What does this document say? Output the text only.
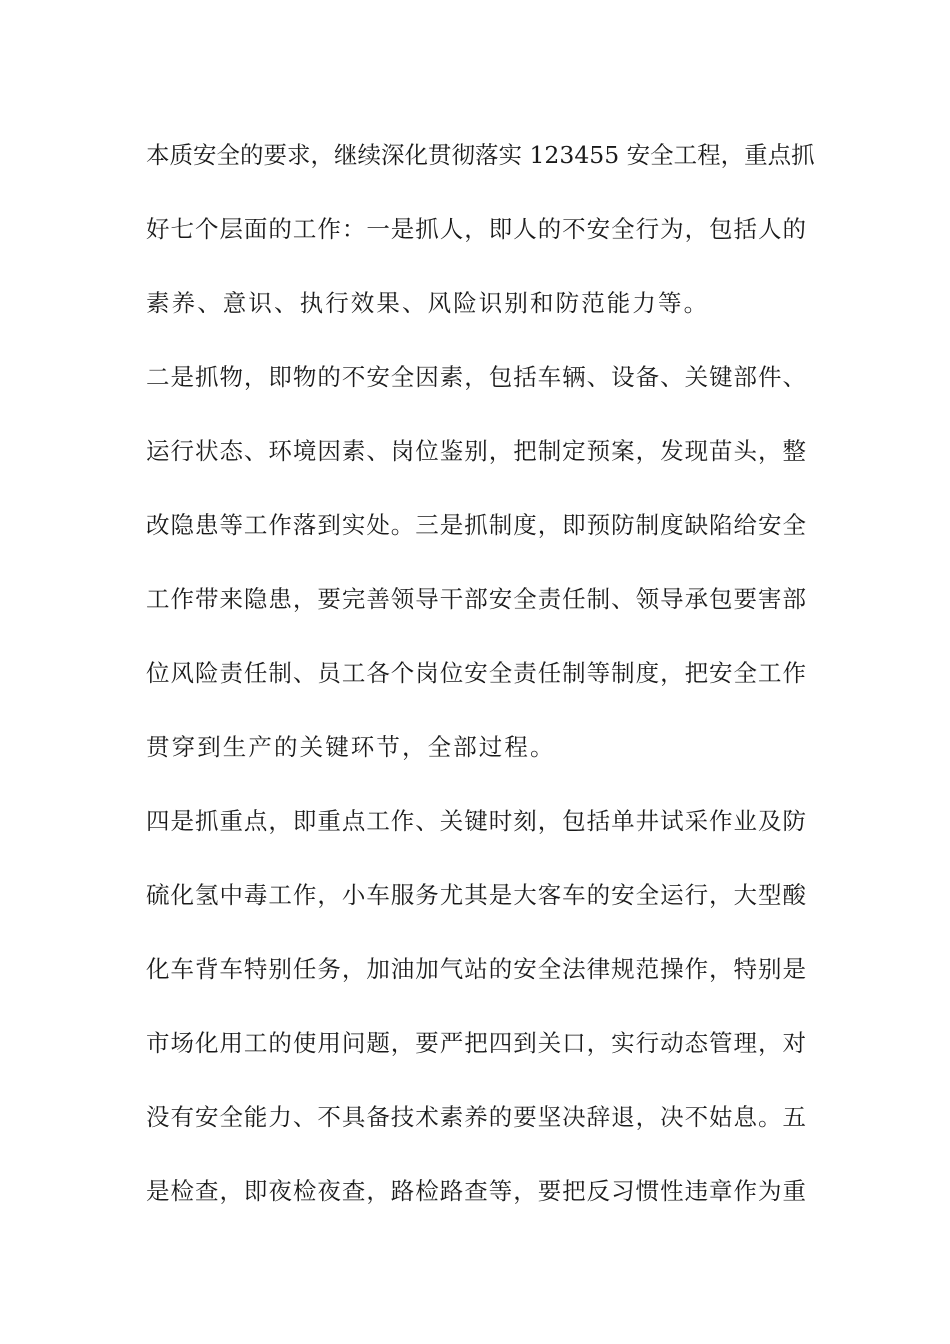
本质安全的要求，继续深化贯彻落实 123455 安全工程，重点抓
好七个层面的工作：一是抓人，即人的不安全行为，包括人的
素养、意识、执行效果、风险识别和防范能力等。
二是抓物，即物的不安全因素，包括车辆、设备、关键部件、
运行状态、环境因素、岗位鉴别，把制定预案，发现苗头，整
改隐患等工作落到实处。三是抓制度，即预防制度缺陷给安全
工作带来隐患，要完善领导干部安全责任制、领导承包要害部
位风险责任制、员工各个岗位安全责任制等制度，把安全工作
贯穿到生产的关键环节，全部过程。
四是抓重点，即重点工作、关键时刻，包括单井试采作业及防
硫化氢中毒工作，小车服务尤其是大客车的安全运行，大型酸
化车背车特别任务，加油加气站的安全法律规范操作，特别是
市场化用工的使用问题，要严把四到关口，实行动态管理，对
没有安全能力、不具备技术素养的要坚决辞退，决不姑息。五
是检查，即夜检夜查，路检路查等，要把反习惯性违章作为重
